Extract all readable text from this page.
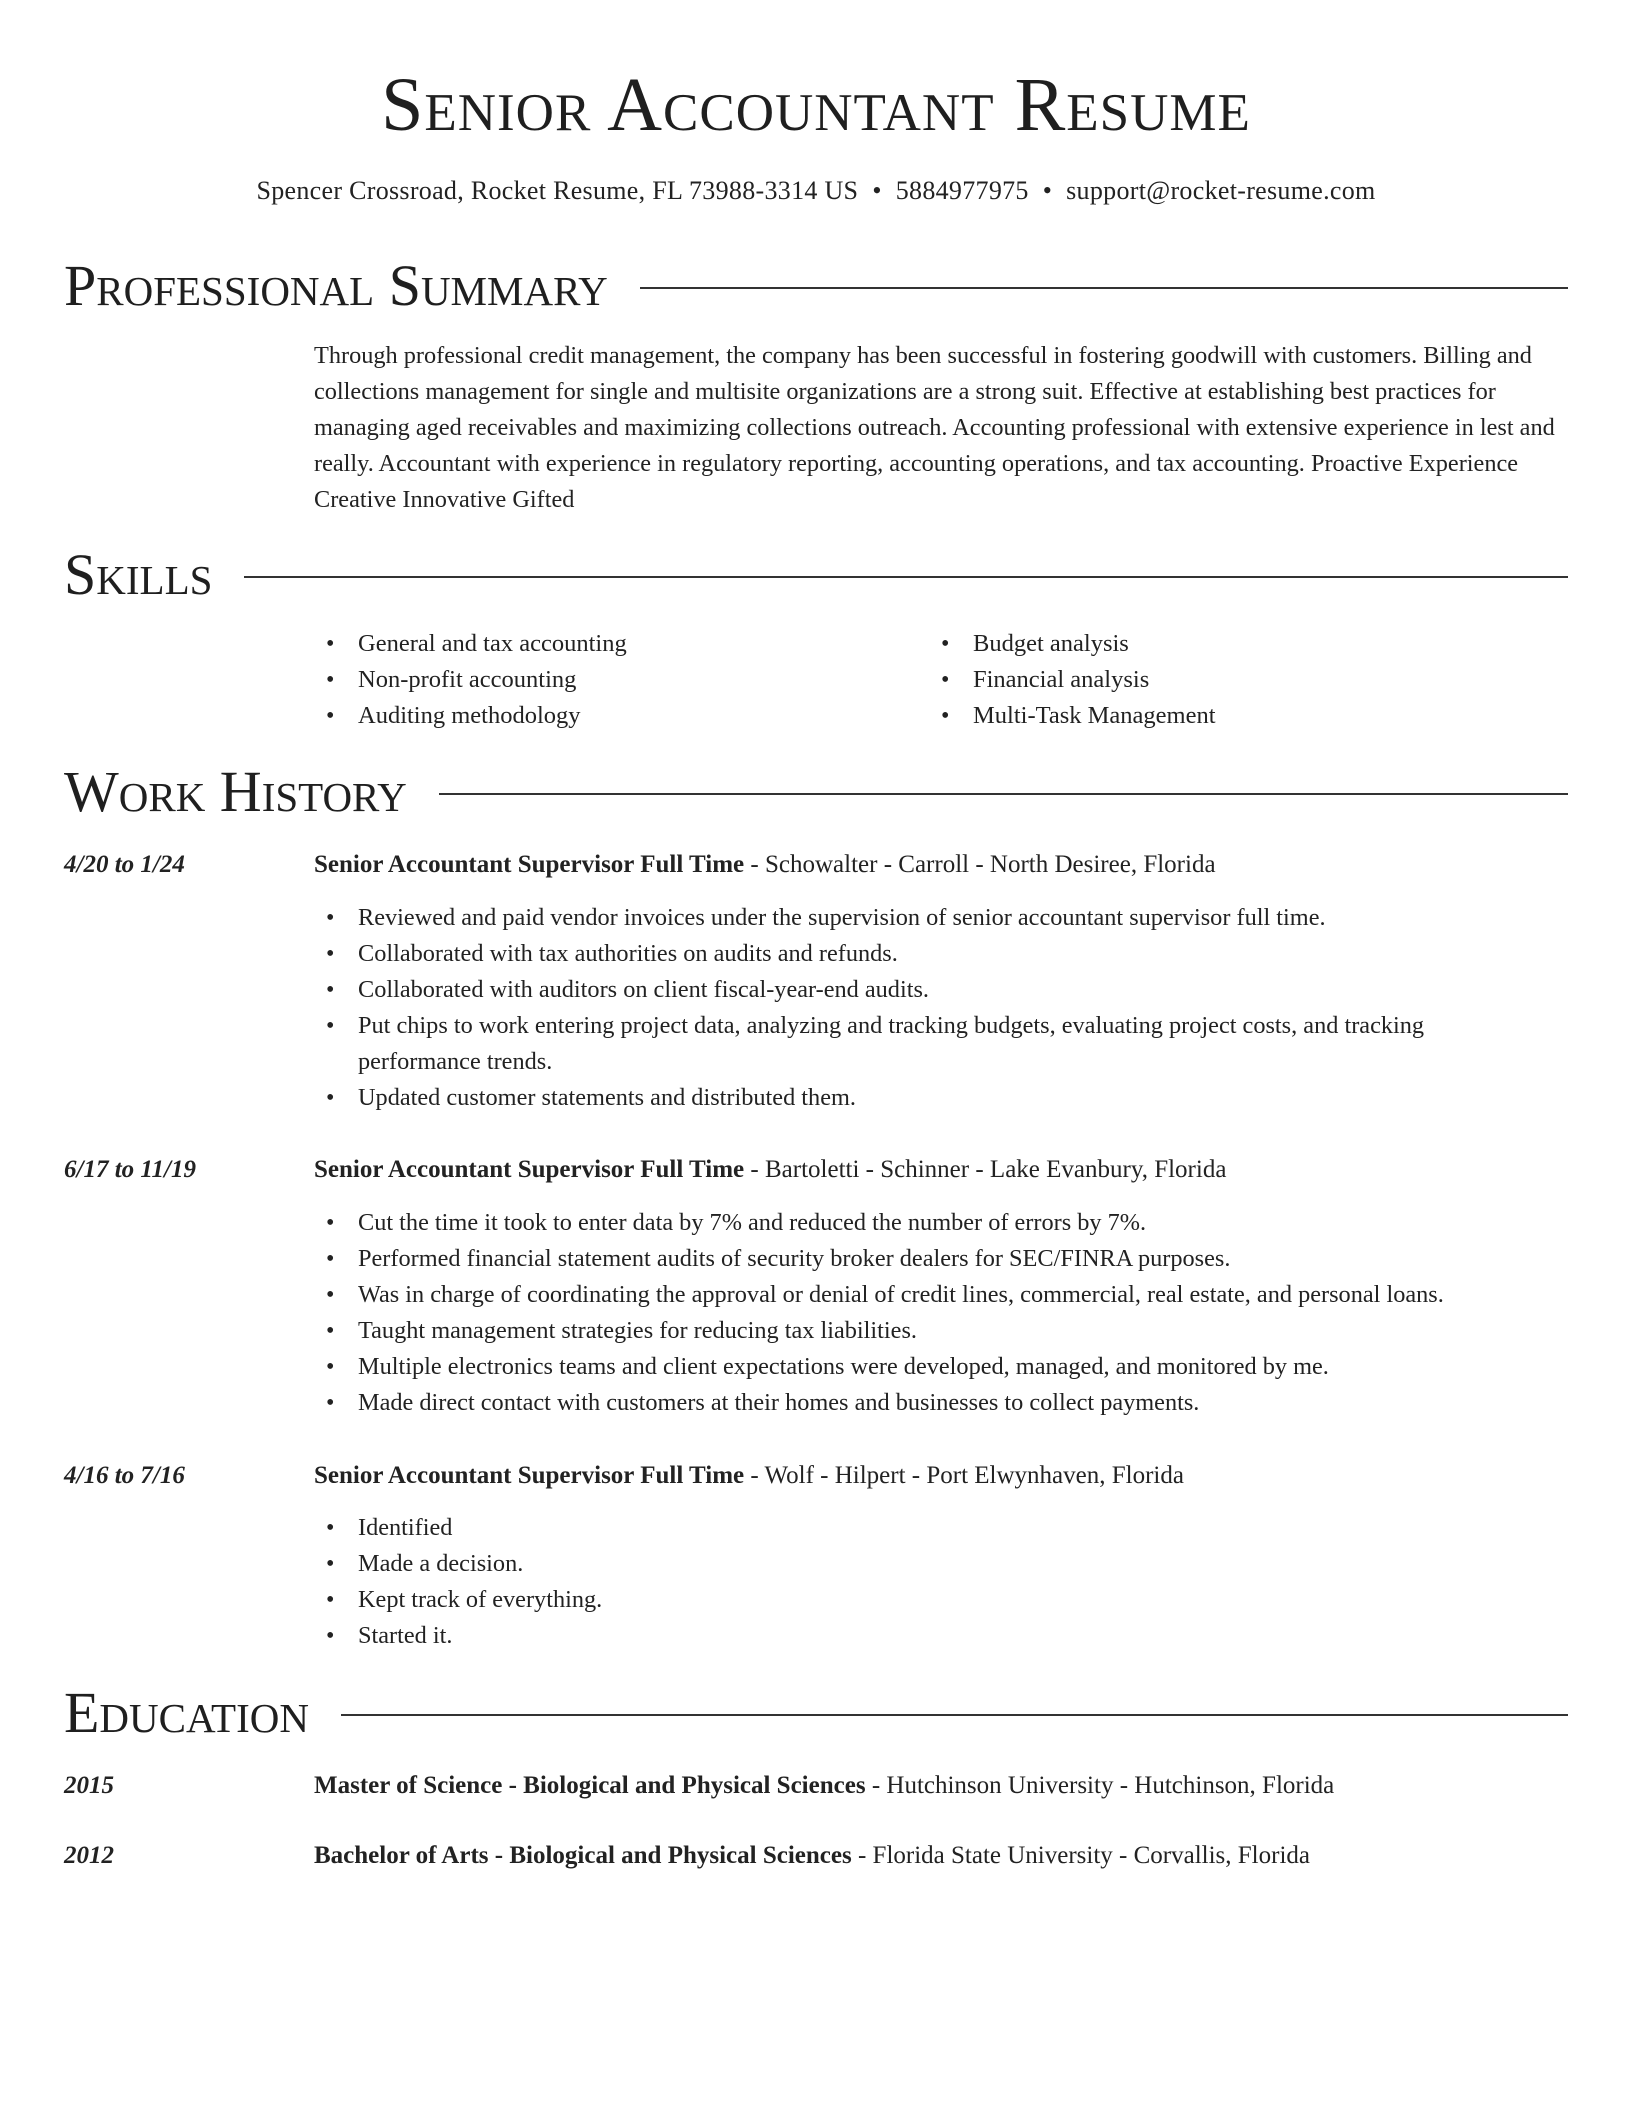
Senior Accountant Resume
Spencer Crossroad, Rocket Resume, FL 73988-3314 US • 5884977975 • support@rocket-resume.com
Professional Summary
Through professional credit management, the company has been successful in fostering goodwill with customers. Billing and collections management for single and multisite organizations are a strong suit. Effective at establishing best practices for managing aged receivables and maximizing collections outreach. Accounting professional with extensive experience in lest and really. Accountant with experience in regulatory reporting, accounting operations, and tax accounting. Proactive Experience Creative Innovative Gifted
Skills
• General and tax accounting
• Non-profit accounting
• Auditing methodology
• Budget analysis
• Financial analysis
• Multi-Task Management
Work History
4/20 to 1/24	Senior Accountant Supervisor Full Time - Schowalter - Carroll - North Desiree, Florida
• Reviewed and paid vendor invoices under the supervision of senior accountant supervisor full time.
• Collaborated with tax authorities on audits and refunds.
• Collaborated with auditors on client fiscal-year-end audits.
• Put chips to work entering project data, analyzing and tracking budgets, evaluating project costs, and tracking performance trends.
• Updated customer statements and distributed them.
6/17 to 11/19	Senior Accountant Supervisor Full Time - Bartoletti - Schinner - Lake Evanbury, Florida
• Cut the time it took to enter data by 7% and reduced the number of errors by 7%.
• Performed financial statement audits of security broker dealers for SEC/FINRA purposes.
• Was in charge of coordinating the approval or denial of credit lines, commercial, real estate, and personal loans.
• Taught management strategies for reducing tax liabilities.
• Multiple electronics teams and client expectations were developed, managed, and monitored by me.
• Made direct contact with customers at their homes and businesses to collect payments.
4/16 to 7/16	Senior Accountant Supervisor Full Time - Wolf - Hilpert - Port Elwynhaven, Florida
• Identified
• Made a decision.
• Kept track of everything.
• Started it.
Education
2015	Master of Science - Biological and Physical Sciences - Hutchinson University - Hutchinson, Florida
2012	Bachelor of Arts - Biological and Physical Sciences - Florida State University - Corvallis, Florida
